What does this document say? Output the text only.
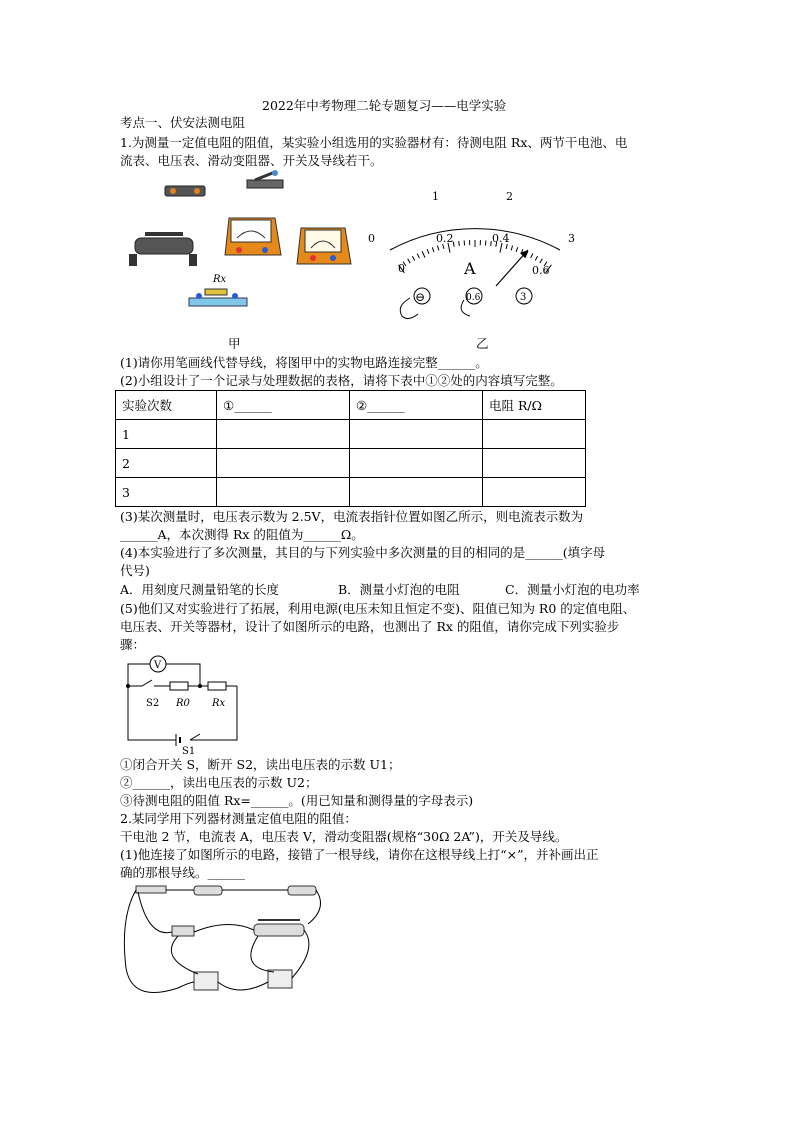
2022年中考物理二轮专题复习——电学实验
考点一、伏安法测电阻
1.为测量一定值电阻的阻值，某实验小组选用的实验器材有：待测电阻 Rx、两节干电池、电
流表、电压表、滑动变阻器、开关及导线若干。
Rx
甲
0
1	2
3
0
0.2	0.4
0.6
A
⊖	0.6	3
乙
(1)请你用笔画线代替导线，将图甲中的实物电路连接完整______。
(2)小组设计了一个记录与处理数据的表格，请将下表中①②处的内容填写完整。
实验次数	①______	②______	电阻 R/Ω
1			
2			
3			
(3)某次测量时，电压表示数为 2.5V，电流表指针位置如图乙所示，则电流表示数为
______A，本次测得 Rx 的阻值为______Ω。
(4)本实验进行了多次测量，其目的与下列实验中多次测量的目的相同的是______(填字母
代号)
A．用刻度尺测量铅笔的长度	B．测量小灯泡的电阻	C．测量小灯泡的电功率
(5)他们又对实验进行了拓展，利用电源(电压未知且恒定不变)、阻值已知为 R0 的定值电阻、
电压表、开关等器材，设计了如图所示的电路，也测出了 Rx 的阻值，请你完成下列实验步
骤：
V
S2 R0 Rx
S1
①闭合开关 S，断开 S2，读出电压表的示数 U1；
②______，读出电压表的示数 U2；
③待测电阻的阻值 Rx=______。(用已知量和测得量的字母表示)
2.某同学用下列器材测量定值电阻的阻值：
干电池 2 节，电流表 A，电压表 V，滑动变阻器(规格“30Ω 2A”)，开关及导线。
(1)他连接了如图所示的电路，接错了一根导线，请你在这根导线上打“×”，并补画出正
确的那根导线。______
